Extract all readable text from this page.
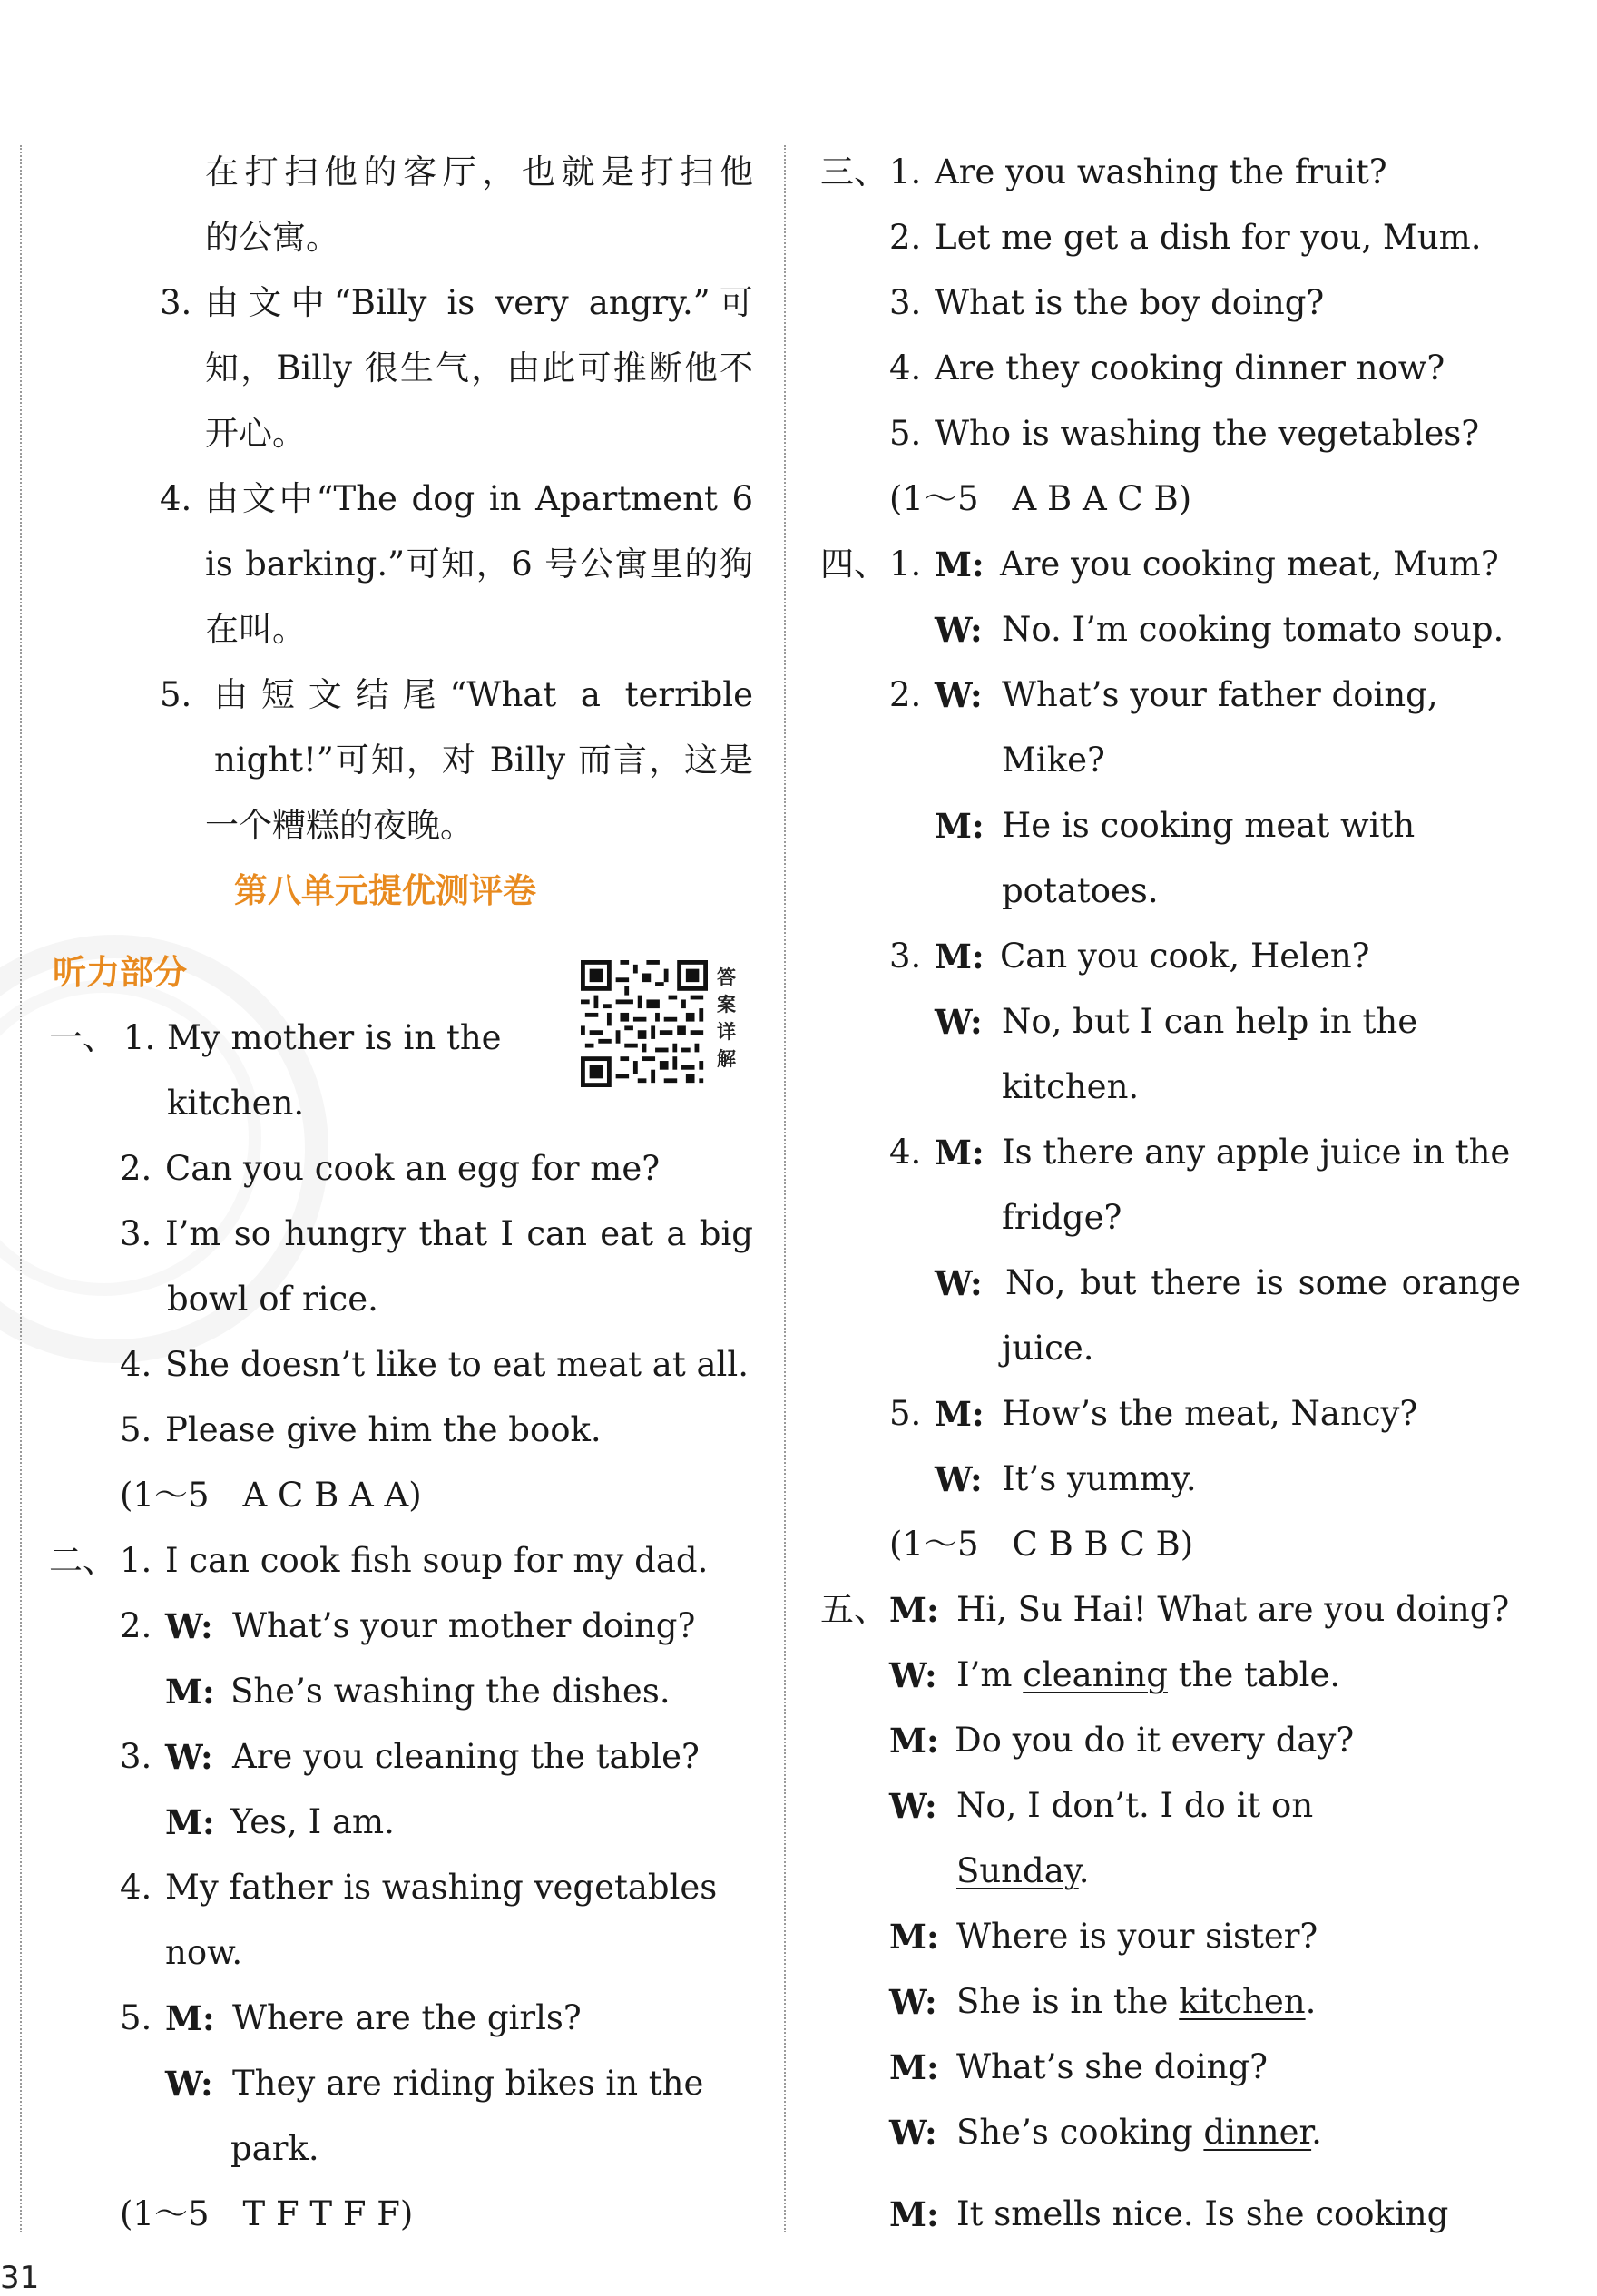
在打扫他的客厅，也就是打扫他
的公寓。
3. 由文中“Billy is very angry.”可
知，Billy 很生气，由此可推断他不
开心。
4. 由文中“The dog in Apartment 6
is barking.”可知，6 号公寓里的狗
在叫。
5. 由短文结尾“What a terrible
night!”可知，对 Billy 而言，这是
一个糟糕的夜晚。
第八单元提优测评卷
听力部分	答案详解
一、 1. My mother is in the
kitchen.
2. Can you cook an egg for me?
3. I’m so hungry that I can eat a big
bowl of rice.
4. She doesn’t like to eat meat at all.
5. Please give him the book.
(1～5　A C B A A)
二、 1. I can cook fish soup for my dad.
2. W: What’s your mother doing?
M: She’s washing the dishes.
3. W: Are you cleaning the table?
M: Yes, I am.
4. My father is washing vegetables
now.
5. M: Where are the girls?
W: They are riding bikes in the
park.
(1～5　T F T F F)
三、 1. Are you washing the fruit?
2. Let me get a dish for you, Mum.
3. What is the boy doing?
4. Are they cooking dinner now?
5. Who is washing the vegetables?
(1～5　A B A C B)
四、 1. M: Are you cooking meat, Mum?
W: No. I’m cooking tomato soup.
2. W: What’s your father doing,
Mike?
M: He is cooking meat with
potatoes.
3. M: Can you cook, Helen?
W: No, but I can help in the
kitchen.
4. M: Is there any apple juice in the
fridge?
W: No, but there is some orange
juice.
5. M: How’s the meat, Nancy?
W: It’s yummy.
(1～5　C B B C B)
五、 M: Hi, Su Hai! What are you doing?
W: I’m cleaning the table.
M: Do you do it every day?
W: No, I don’t. I do it on
Sunday.
M: Where is your sister?
W: She is in the kitchen.
M: What’s she doing?
W: She’s cooking dinner.
M: It smells nice. Is she cooking
31
